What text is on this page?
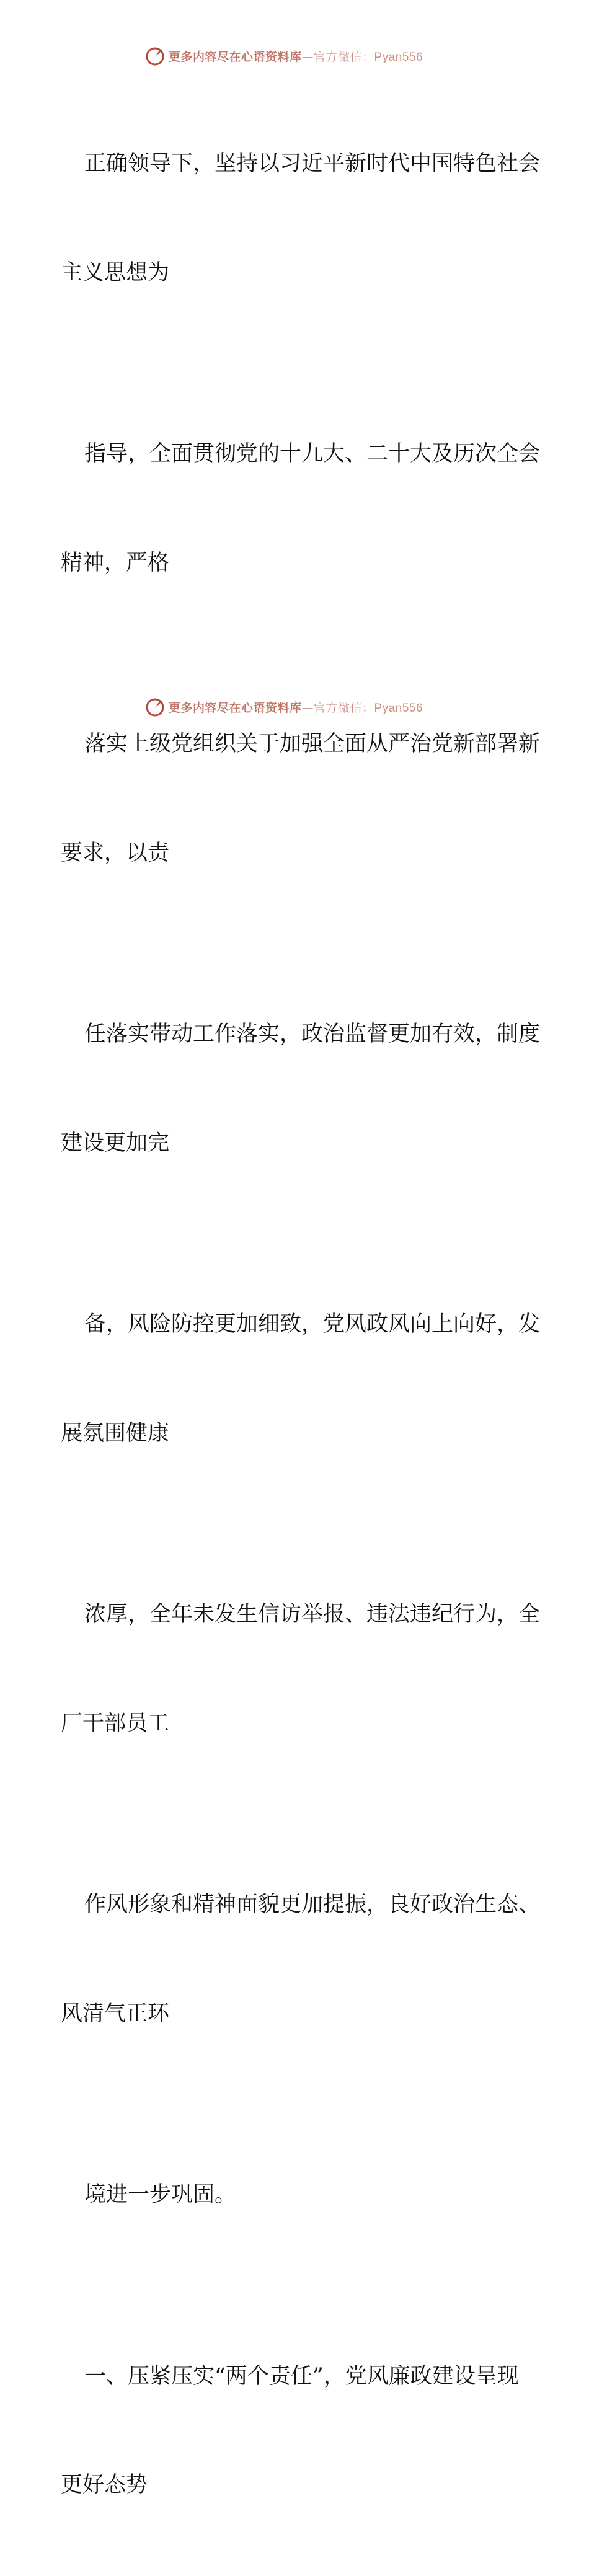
更多内容尽在心语资料库—官方微信：Pyan556

正确领导下，坚持以习近平新时代中国特色社会

主义思想为

指导，全面贯彻党的十九大、二十大及历次全会

精神，严格

落实上级党组织关于加强全面从严治党新部署新

要求，以责

任落实带动工作落实，政治监督更加有效，制度

建设更加完

备，风险防控更加细致，党风政风向上向好，发

展氛围健康

浓厚，全年未发生信访举报、违法违纪行为，全

厂干部员工

作风形象和精神面貌更加提振，良好政治生态、

风清气正环

境进一步巩固。

一、压紧压实“两个责任”，党风廉政建设呈现

更好态势

更多内容尽在心语资料库—官方微信：Pyan556
